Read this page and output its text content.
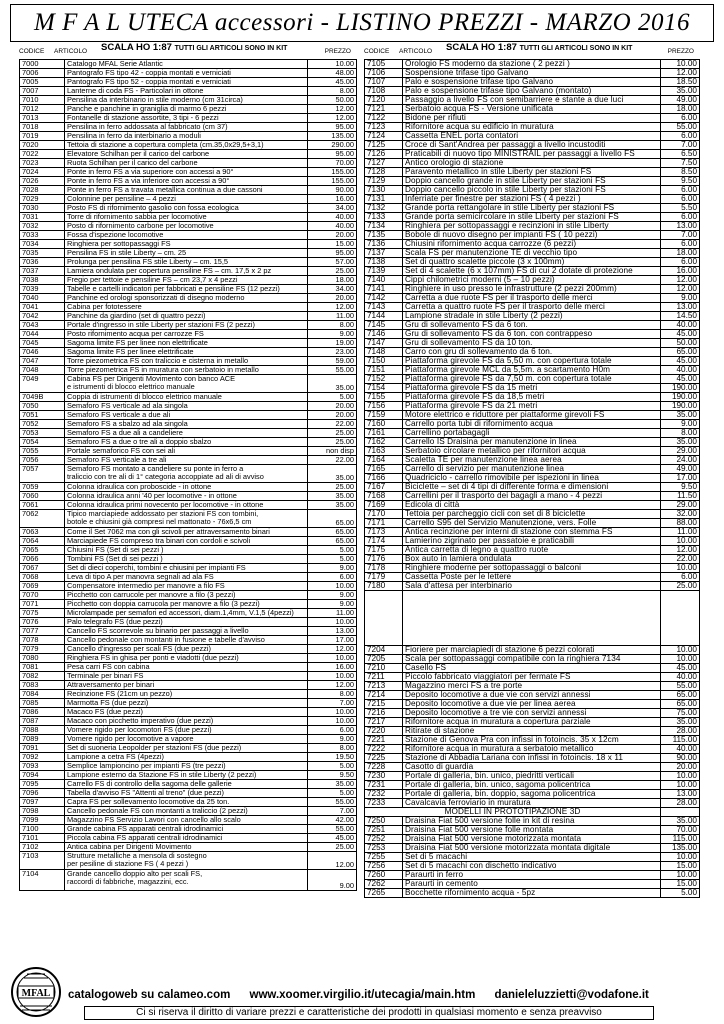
M F A L UTECA accessori - LISTINO PREZZI - MARZO 2016
CODICE ARTICOLO SCALA HO 1:87 TUTTI GLI ARTICOLI SONO IN KIT	PREZZO CODICE ARTICOLO SCALA HO 1:87 TUTTI GLI ARTICOLI SONO IN KIT	PREZZO
7000	Catalogo MFAL Serie Atlantic	10.00
7006	Pantografo FS tipo 42 - coppia montati e verniciati	48.00
7005	Pantografo FS tipo 52 - coppia montati e verniciati	45.00
7007	Lanterne di coda FS - Particolari in ottone	8.00
7010	Pensilina da interbinario in stile moderno (cm 31circa)	50.00
7012	Panche e panchine in graniglia di marmo 6 pezzi	12.00
7013	Fontanelle di stazione assortite, 3 tipi - 6 pezzi	12.00
7018	Pensilina in ferro addossata al fabbricato (cm 37)	95.00
7019	Pensilina in ferro da interbinario a moduli	135.00
7020	Tettoia di stazione a copertura completa (cm.35,0x29,5+3,1)	290.00
7022	Elevatore Schilhan per il carico del carbone	95.00
7023	Ruota Schilhan per il carico del carbone	70.00
7024	Ponte in ferro FS a via superiore con accessi a 90°	155.00
7026	Ponte in ferro FS a via inferiore con accessi a 90°	155.00
7028	Ponte in ferro FS a travata metallica continua a due cassoni	90.00
7029	Colonnine per pensiline – 4 pezzi	16.00
7030	Posto FS di rifornimento gasolio con fossa ecologica	34.00
7031	Torre di rifornimento sabbia per locomotive	40.00
7032	Posto di rifornimento carbone per locomotive	40.00
7033	Fossa d'ispezione locomotive	20.00
7034	Ringhiera per sottopassaggi FS	15.00
7035	Pensilina FS in stile Liberty – cm. 25	95.00
7036	Prolunga per pensilina FS stile Liberty – cm. 15,5	57.00
7037	Lamiera ondulata per copertura pensiline FS – cm. 17,5 x 2 pz	25.00
7038	Fregio per tettoie e pensiline FS – cm 23,7 x 4 pezzi	18.00
7039	Tabelle e cartelli indicatori per fabbricati e pensiline FS (12 pezzi)	34.00
7040	Panchine ed orologi sponsorizzati di disegno moderno	20.00
7041	Cabina per fototessere	12.00
7042	Panchine da giardino (set di quattro pezzi)	11.00
7043	Portale d'ingresso in stile Liberty per stazioni FS (2 pezzi)	8.00
7044	Posto rifornimento acqua per carrozze FS	9.00
7045	Sagoma limite FS per linee non elettrificate	19.00
7046	Sagoma limite FS per linee elettrificate	23.00
7047	Torre piezometrica FS con traliccio e cisterna in metallo	59.00
7048	Torre piezometrica FS in muratura con serbatoio in metallo	55.00
7049	Cabina FS per Dirigenti Movimento con banco ACE
e istrumenti di blocco elettrico manuale	35.00
7049B	Coppia di istrumenti di blocco elettrico manuale	5.00
7050	Semaforo FS verticale ad ala singola	20.00
7051	Semaforo FS verticale a due ali	20.00
7052	Semaforo FS a sbalzo ad ala singola	22.00
7053	Semaforo FS a due ali a candeliere	25.00
7054	Semaforo FS a due o tre ali a doppio sbalzo	25.00
7055	Portale semaforico FS con sei ali	non disp
7056	Semaforo FS verticale a tre ali	22.00
7057	Semaforo FS montato a candeliere su ponte in ferro a
traliccio con tre ali di 1° categoria accoppiate ad ali di avviso	35.00
7059	Colonna idraulica con proboscide - in ottone	25.00
7060	Colonna idraulica anni '40 per locomotive - in ottone	35.00
7061	Colonna idraulica primi novecento per locomotive - in ottone	35.00
7062	Tipico marciapiede addossato per stazioni FS con tombini,
botole e chiusini già compresi nel mattonato - 76x6,5 cm	65.00
7063	Come il Set 7062 ma con gli scivoli per attraversamento binari	65.00
7064	Marciapiede FS compreso tra binari con cordoli e scivoli	65.00
7065	Chiusini FS (Set di sei pezzi )	5.00
7066	Tombini FS (Set di sei pezzi )	5.00
7067	Set di dieci coperchi, tombini e chiusini per impianti FS	9.00
7068	Leva di tipo A per manovra segnali ad ala FS	6.00
7069	Compensatore intermedio per manovre a filo FS	10.00
7070	Picchetto con carrucole per manovre a filo (3 pezzi)	9.00
7071	Picchetto con doppia carrucola per manovre a filo (3 pezzi)	9.00
7075	Microlampade per semafori ed accessori, diam.1,4mm, V.1,5 (4pezzi)	11.00
7076	Palo telegrafo FS (due pezzi)	10.00
7077	Cancello FS scorrevole su binario per passaggi a livello	13.00
7078	Cancello pedonale con montanti in fusione e tabelle d'avviso	17.00
7079	Cancello d'ingresso per scali FS (due pezzi)	12.00
7080	Ringhiera FS in ghisa per ponti e viadotti (due pezzi)	10.00
7081	Pesa carri FS con cabina	16.00
7082	Terminale per binari FS	10.00
7083	Attraversamento per binari	12.00
7084	Recinzione FS (21cm un pezzo)	8.00
7085	Marmotta FS (due pezzi)	7.00
7086	Macaco FS (due pezzi)	10.00
7087	Macaco con picchetto imperativo (due pezzi)	10.00
7088	Vomere rigido per locomotori FS (due pezzi)	6.00
7089	Vomere rigido per locomotive a vapore	9.00
7091	Set di suoneria Leopolder per stazioni FS (due pezzi)	8.00
7092	Lampione a cetra FS (4pezzi)	19.50
7093	Semplice lampioncino per impianti FS (tre pezzi)	5.00
7094	Lampione esterno da Stazione FS in stile Liberty (2 pezzi)	9.50
7095	Carrello FS di controllo della sagoma delle gallerie	35.00
7096	Tabella d'avviso FS "Attenti al treno" (due pezzi)	5.00
7097	Capra FS per sollevamento locomotive da 25 ton.	55.00
7098	Cancello pedonale FS con montanti a traliccio (2 pezzi)	7.00
7099	Magazzino FS Servizio Lavori con cancello allo scalo	42.00
7100	Grande cabina FS apparati centrali idrodinamici	55.00
7101	Piccola cabina FS apparati centrali idrodinamici	45.00
7102	Antica cabina per Dirigenti Movimento	25.00
7103	Strutture metalliche a mensola di sostegno
per pesiline di stazione FS ( 4 pezzi )	12.00
7104	Grande cancello doppio alto per scali FS,
raccordi di fabbriche, magazzini, ecc.	9.00
7105 Orologio FS moderno da stazione ( 2 pezzi )	10.00
7106 Sospensione trifase tipo Galvano	12.00
7107 Palo e sospensione trifase tipo Galvano	18.50
7108 Palo e sospensione trifase tipo Galvano (montato)	35.00
7120 Passaggio a livello FS con semibarriere e stante a due luci	49.00
7121 Serbatoio acqua FS - Versione unificata	18.00
7122 Bidone per rifiuti	6.00
7123 Rifornitore acqua su edificio in muratura	55.00
7124 Cassetta ENEL porta contatori	6.00
7125 Croce di Sant'Andrea per passaggi a livello incustoditi	7.00
7126 Praticabili di nuovo tipo MINISTRAIL per passaggi a livello FS	6.50
7127 Antico orologio di stazione	7.50
7128 Paravento metallico in stile Liberty per stazioni FS	8.50
7129 Doppio cancello grande in stile Liberty per stazioni FS	9.50
7130 Doppio cancello piccolo in stile Liberty per stazioni FS	6.00
7131 Inferriate per finestre per stazioni FS ( 4 pezzi )	6.00
7132 Grande porta rettangolare in stile Liberty per stazioni FS	5.50
7133 Grande porta semicircolare in stile Liberty per stazioni FS	6.00
7134 Ringhiera per sottopassaggi e recinzioni in stile Liberty	13.00
7135 Bobole di nuovo disegno per impianti FS ( 10 pezzi)	7.00
7136 Chiusini rifornimento acqua carrozze (6 pezzi)	6.00
7137 Scala FS per manutenzione TE di vecchio tipo	18.00
7138 Set di quattro scalette piccole (3 x 100mm)	6.00
7139 Set di 4 scalette (6 x 107mm) FS di cui 2 dotate di protezione	16.00
7140 Cippi chilometrici moderni (5 – 10 pezzi)	12.00
7141 Ringhiere in uso presso le infrastrutture (2 pezzi 200mm)	12.00
7142 Carretta a due ruote FS per il trasporto delle merci	9.00
7143 Carretta a quattro ruote FS per il trasporto delle merci	13.00
7144 Lampione stradale in stile Liberty (2 pezzi)	14.50
7145 Gru di sollevamento FS da 6 ton.	40.00
7146 Gru di sollevamento FS da 6 ton. con contrappeso	45.00
7147 Gru di sollevamento FS da 10 ton.	50.00
7148 Carro con gru di sollevamento da 6 ton.	65.00
7150 Piattaforma girevole FS da 5,50 m. con copertura totale	45.00
7151 Piattaforma girevole MCL da 5,5m. a scartamento H0m	40.00
7152 Piattaforma girevole FS da 7,50 m. con copertura totale	45.00
7154 Piattaforma girevole FS da 15 metri	190.00
7155 Piattaforma girevole FS da 18,5 metri	190.00
7156 Piattaforma girevole FS da 21 metri	190.00
7159 Motore elettrico e riduttore per piattaforme girevoli FS	35.00
7160 Carrello porta tubi di rifornimento acqua	9.00
7161 Carrellino portabagagli	8.00
7162 Carrello IS Draisina per manutenzione in linea	35.00
7163 Serbatoio circolare metallico per rifornitori acqua	29.00
7164 Scaletta TE per manutenzione linea aerea	24.00
7165 Carrello di servizio per manutenzione linea	49.00
7166 Quadriciclo - carrello rimovibile per ispezioni in linea	17.00
7167 Biciclette – set di 4 tipi di differente forma e dimensioni	9.50
7168 Carrellini per il trasporto dei bagagli a mano - 4 pezzi	11.50
7169 Edicola di città	29.00
7170 Tettoia per parcheggio cicli con set di 8 biciclette	32.00
7171 Carrello S95 del Servizio Manutenzione, vers. Folle	88.00
7173 Antica recinzione per interni di stazione con stemma FS	11.00
7174 Lamierino zigrinato per passatoie e praticabili	10.00
7175 Antica carretta di legno a quattro ruote	12.00
7176 Box auto in lamiera ondulata	22.00
7178 Ringhiere moderne per sottopassaggi o balconi	10.00
7179 Cassetta Poste per le lettere	6.00
7180 Sala d'attesa per interbinario	25.00
7204 Fioriere per marciapiedi di stazione 6 pezzi colorati	10.00
7205 Scala per sottopassaggi compatibile con la ringhiera 7134	10.00
7210 Casello FS	45.00
7211 Piccolo fabbricato viaggiatori per fermate FS	40.00
7213 Magazzino merci FS a tre porte	55.00
7214 Deposito locomotive a due vie con servizi annessi	65.00
7215 Deposito locomotive a due vie per linea aerea	65.00
7216 Deposito locomotive a tre vie con servizi annessi	75.00
7217 Rifornitore acqua in muratura a copertura parziale	35.00
7220 Ritirate di stazione	28.00
7221 Stazione di Genova Pra con infissi in fotoincis. 35 x 12cm	115.00
7222 Rifornitore acqua in muratura a serbatoio metallico	40.00
7225 Stazione di Abbadia Lariana con infissi in fotoincis. 18 x 11	90.00
7228 Casotto di guardia	20.00
7230 Portale di galleria, bin. unico, piedritti verticali	10.00
7231 Portale di galleria, bin. unico, sagoma policentrica	10.00
7232 Portale di galleria, bin. doppio, sagoma policentrica	13.00
7233 Cavalcavia ferroviario in muratura	28.00
MODELLI IN PROTOTIPAZIONE 3D
7250 Draisina Fiat 500 versione folle in kit di resina	35.00
7251 Draisina Fiat 500 versione folle montata	70.00
7252 Draisina Fiat 500 versione motorizzata montata	115.00
7253 Draisina Fiat 500 versione motorizzata montata digitale	135.00
7255 Set di 5 macachi	10.00
7256 Set di 5 macachi con dischetto indicativo	15.00
7260 Paraurti in ferro	10.00
7262 Paraurti in cemento	15.00
7265 Bocchette rifornimento acqua - 5pz	5.00
MFAL catalogoweb su calameo.com www.xoomer.virgilio.it/utecagia/main.htm danieleluzzietti@vodafone.it
Ci si riserva il diritto di variare prezzi e caratteristiche dei prodotti in qualsiasi momento e senza preavviso
